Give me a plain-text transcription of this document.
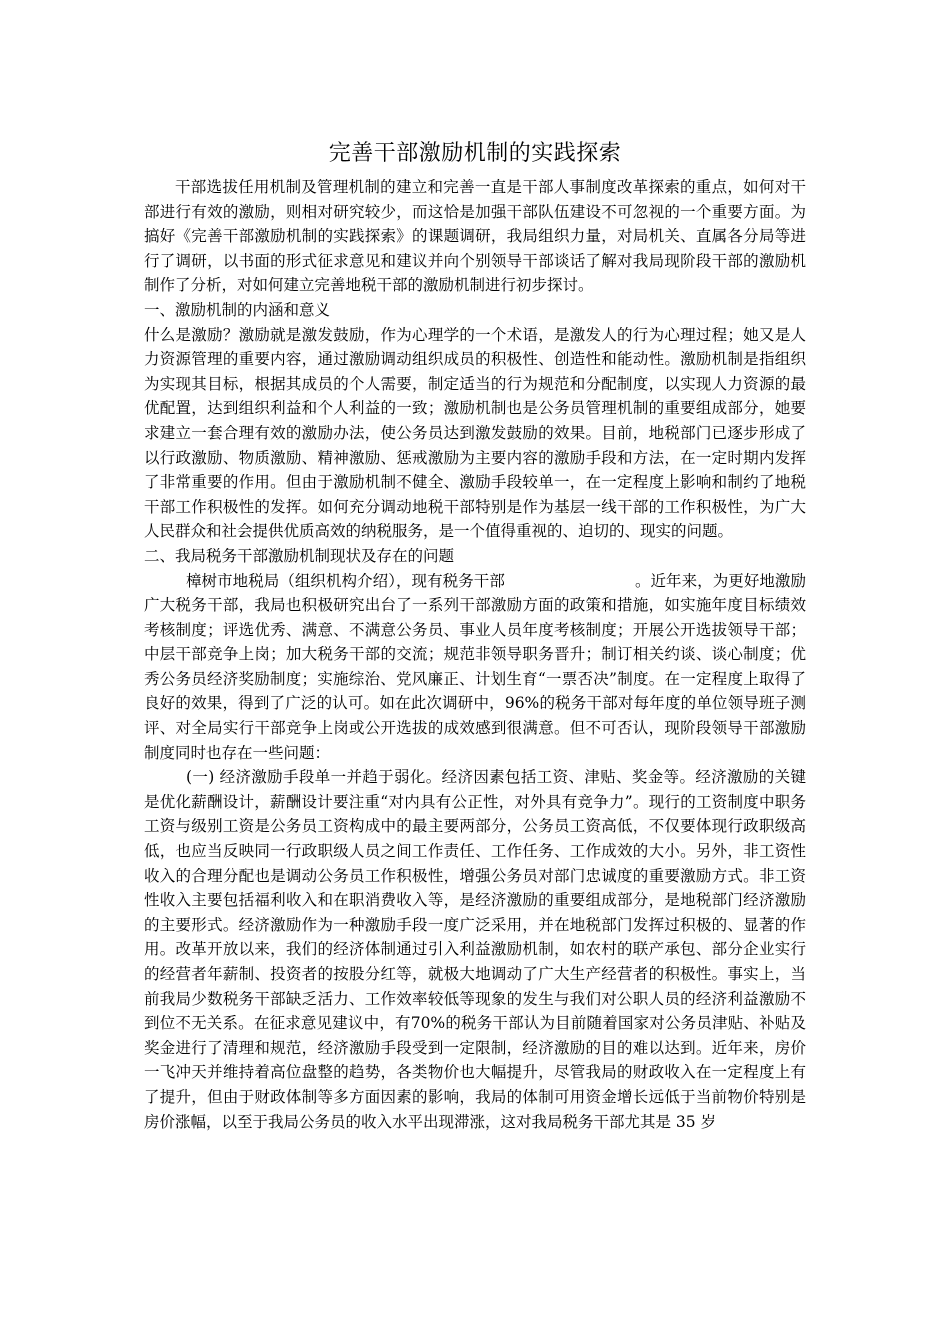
完善干部激励机制的实践探索

干部选拔任用机制及管理机制的建立和完善一直是干部人事制度改革探索的重点，如何对干部进行有效的激励，则相对研究较少，而这恰是加强干部队伍建设不可忽视的一个重要方面。为搞好《完善干部激励机制的实践探索》的课题调研，我局组织力量，对局机关、直属各分局等进行了调研，以书面的形式征求意见和建议并向个别领导干部谈话了解对我局现阶段干部的激励机制作了分析，对如何建立完善地税干部的激励机制进行初步探讨。

一、激励机制的内涵和意义

什么是激励？激励就是激发鼓励，作为心理学的一个术语，是激发人的行为心理过程；她又是人力资源管理的重要内容，通过激励调动组织成员的积极性、创造性和能动性。激励机制是指组织为实现其目标，根据其成员的个人需要，制定适当的行为规范和分配制度，以实现人力资源的最优配置，达到组织利益和个人利益的一致；激励机制也是公务员管理机制的重要组成部分，她要求建立一套合理有效的激励办法，使公务员达到激发鼓励的效果。目前，地税部门已逐步形成了以行政激励、物质激励、精神激励、惩戒激励为主要内容的激励手段和方法，在一定时期内发挥了非常重要的作用。但由于激励机制不健全、激励手段较单一，在一定程度上影响和制约了地税干部工作积极性的发挥。如何充分调动地税干部特别是作为基层一线干部的工作积极性，为广大人民群众和社会提供优质高效的纳税服务，是一个值得重视的、迫切的、现实的问题。

二、我局税务干部激励机制现状及存在的问题

樟树市地税局（组织机构介绍），现有税务干部	。近年来，为更好地激励广大税务干部，我局也积极研究出台了一系列干部激励方面的政策和措施，如实施年度目标绩效考核制度；评选优秀、满意、不满意公务员、事业人员年度考核制度；开展公开选拔领导干部；中层干部竞争上岗；加大税务干部的交流；规范非领导职务晋升；制订相关约谈、谈心制度；优秀公务员经济奖励制度；实施综治、党风廉正、计划生育“一票否决”制度。在一定程度上取得了良好的效果，得到了广泛的认可。如在此次调研中，96%的税务干部对每年度的单位领导班子测评、对全局实行干部竞争上岗或公开选拔的成效感到很满意。但不可否认，现阶段领导干部激励制度同时也存在一些问题：

(一) 经济激励手段单一并趋于弱化。经济因素包括工资、津贴、奖金等。经济激励的关键是优化薪酬设计，薪酬设计要注重“对内具有公正性，对外具有竞争力”。现行的工资制度中职务工资与级别工资是公务员工资构成中的最主要两部分，公务员工资高低，不仅要体现行政职级高低，也应当反映同一行政职级人员之间工作责任、工作任务、工作成效的大小。另外，非工资性收入的合理分配也是调动公务员工作积极性，增强公务员对部门忠诚度的重要激励方式。非工资性收入主要包括福利收入和在职消费收入等，是经济激励的重要组成部分，是地税部门经济激励的主要形式。经济激励作为一种激励手段一度广泛采用，并在地税部门发挥过积极的、显著的作用。改革开放以来，我们的经济体制通过引入利益激励机制，如农村的联产承包、部分企业实行的经营者年薪制、投资者的按股分红等，就极大地调动了广大生产经营者的积极性。事实上，当前我局少数税务干部缺乏活力、工作效率较低等现象的发生与我们对公职人员的经济利益激励不到位不无关系。在征求意见建议中，有70%的税务干部认为目前随着国家对公务员津贴、补贴及奖金进行了清理和规范，经济激励手段受到一定限制，经济激励的目的难以达到。近年来，房价一飞冲天并维持着高位盘整的趋势，各类物价也大幅提升，尽管我局的财政收入在一定程度上有了提升，但由于财政体制等多方面因素的影响，我局的体制可用资金增长远低于当前物价特别是房价涨幅，以至于我局公务员的收入水平出现滞涨，这对我局税务干部尤其是 35 岁
